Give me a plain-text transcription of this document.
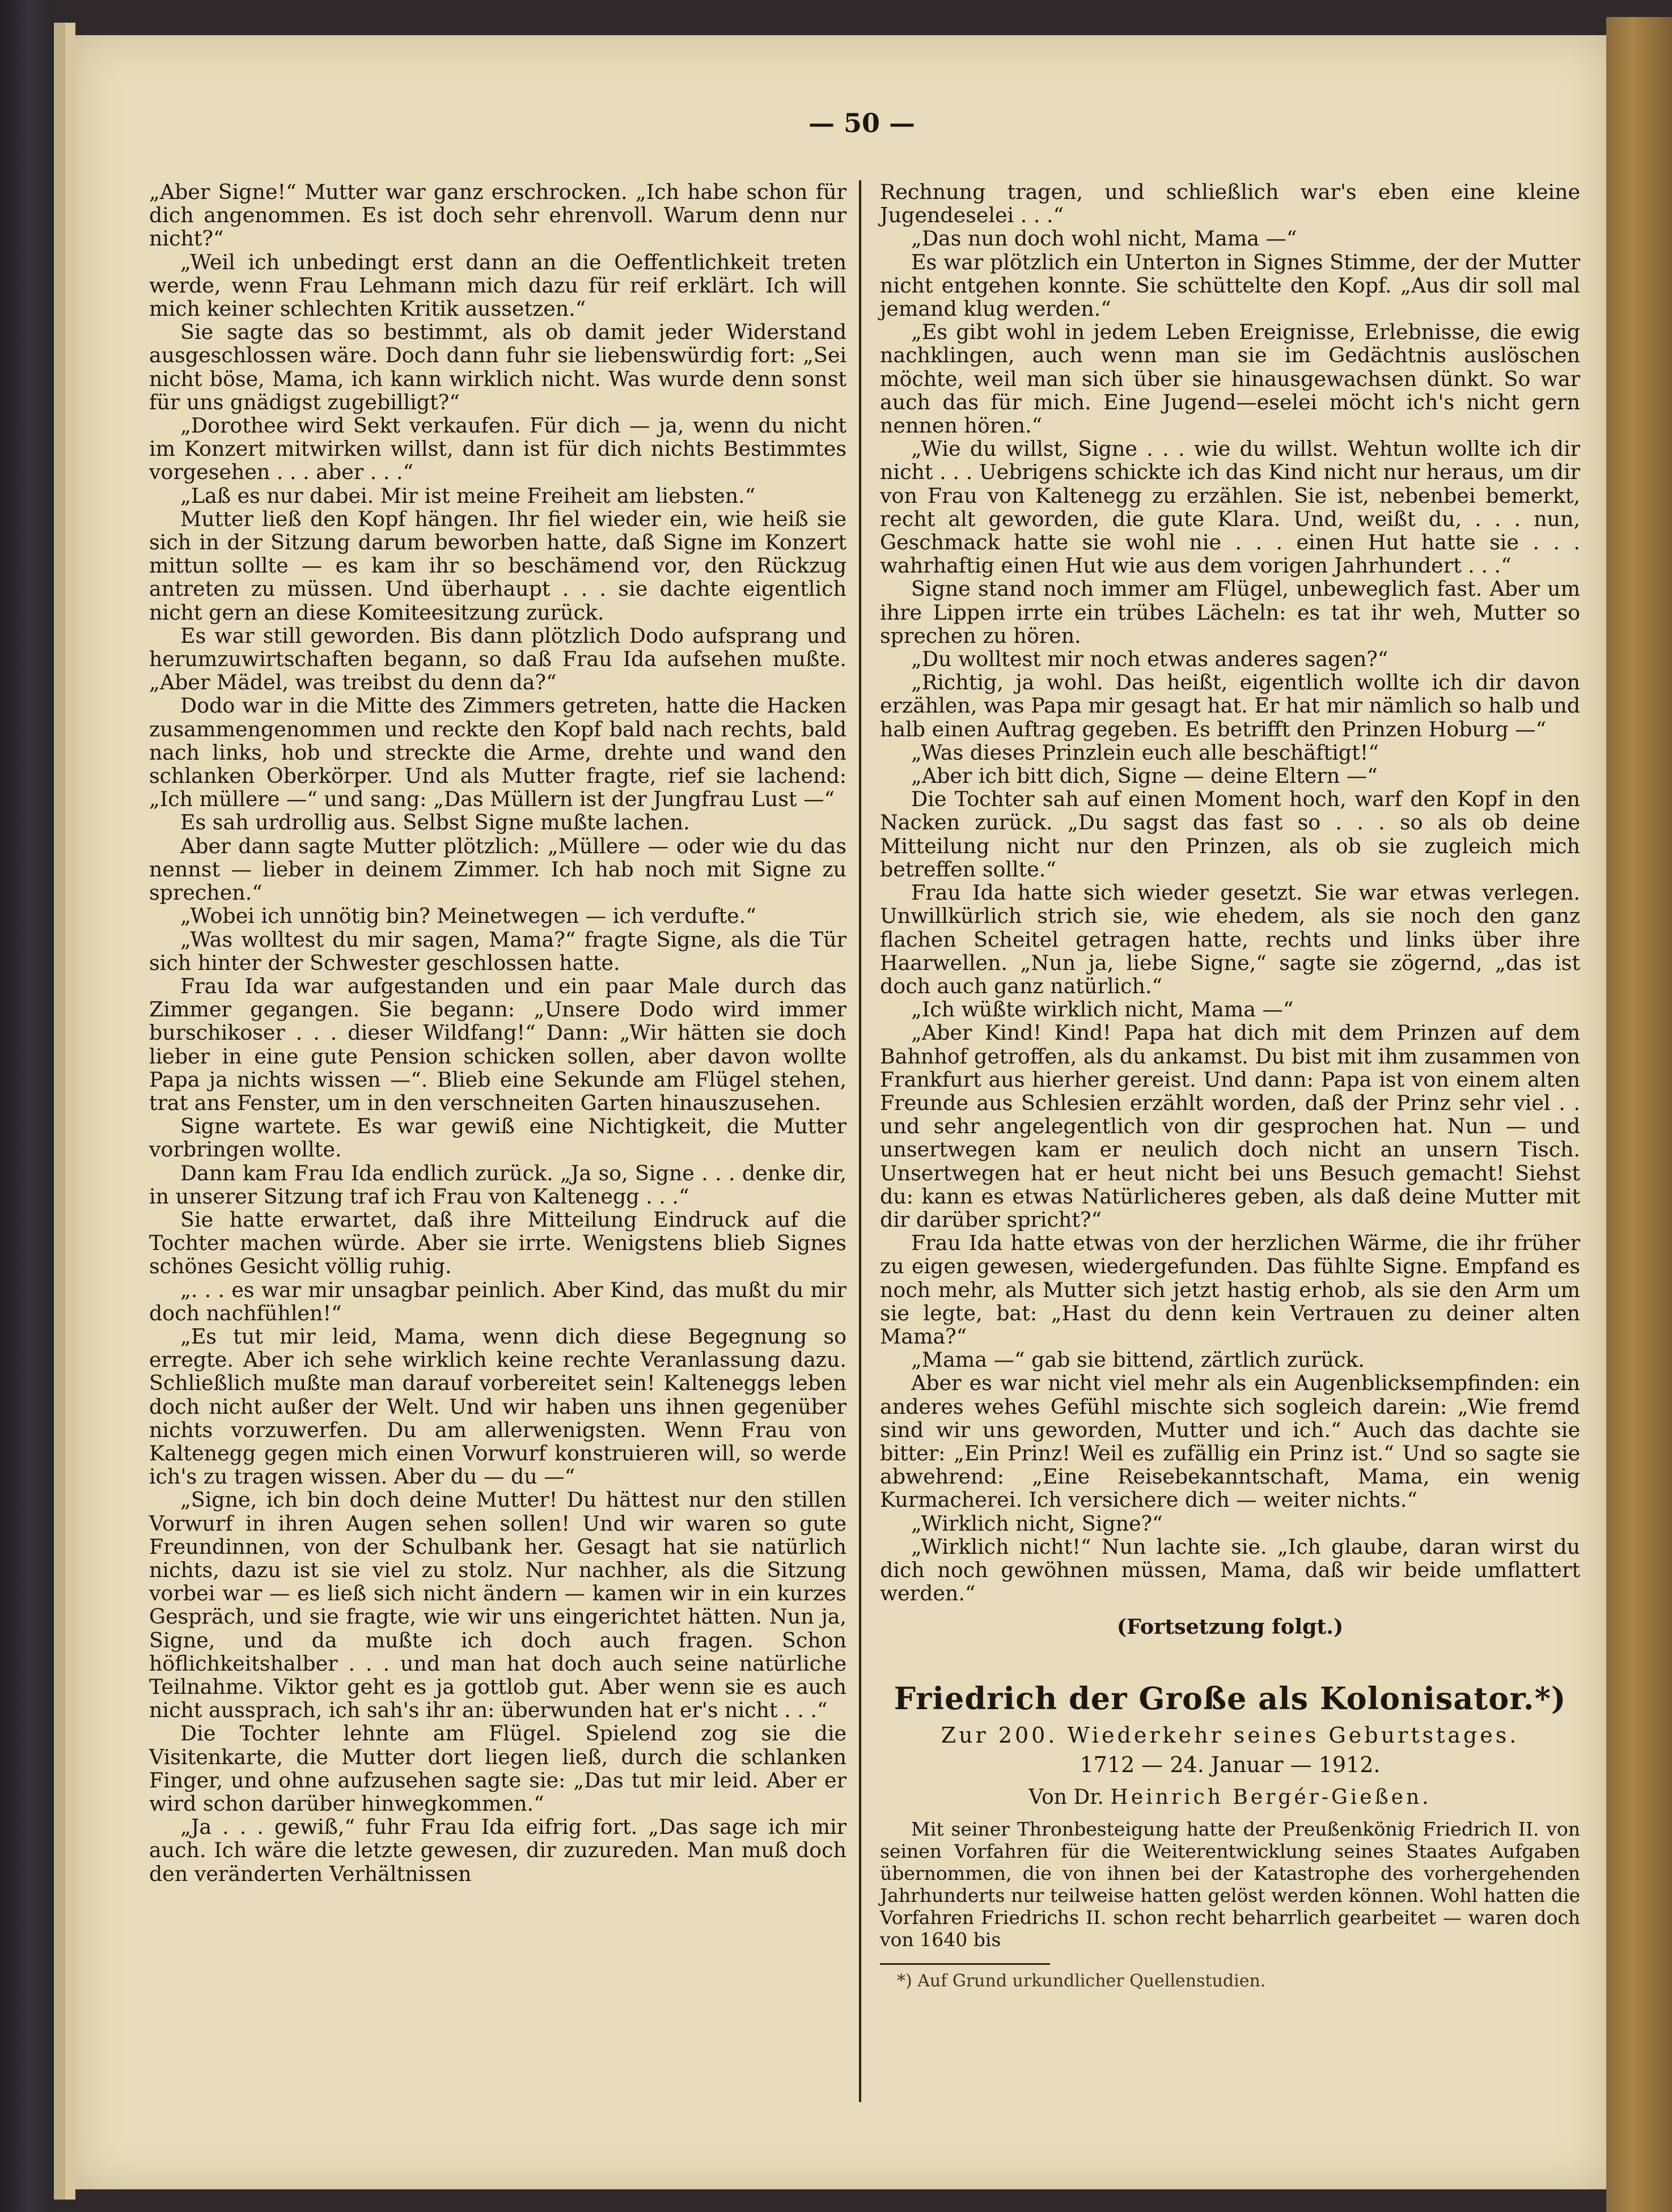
— 50 —

„Aber Signe!“ Mutter war ganz erschrocken. „Ich habe schon für dich angenommen. Es ist doch sehr ehrenvoll. Warum denn nur nicht?“

„Weil ich unbedingt erst dann an die Oeffentlichkeit treten werde, wenn Frau Lehmann mich dazu für reif erklärt. Ich will mich keiner schlechten Kritik aussetzen.“

Sie sagte das so bestimmt, als ob damit jeder Widerstand ausgeschlossen wäre. Doch dann fuhr sie liebenswürdig fort: „Sei nicht böse, Mama, ich kann wirklich nicht. Was wurde denn sonst für uns gnädigst zugebilligt?“

„Dorothee wird Sekt verkaufen. Für dich — ja, wenn du nicht im Konzert mitwirken willst, dann ist für dich nichts Bestimmtes vorgesehen . . . aber . . .“

„Laß es nur dabei. Mir ist meine Freiheit am liebsten.“

Mutter ließ den Kopf hängen. Ihr fiel wieder ein, wie heiß sie sich in der Sitzung darum beworben hatte, daß Signe im Konzert mittun sollte — es kam ihr so beschämend vor, den Rückzug antreten zu müssen. Und überhaupt . . . sie dachte eigentlich nicht gern an diese Komiteesitzung zurück.

Es war still geworden. Bis dann plötzlich Dodo aufsprang und herumzuwirtschaften begann, so daß Frau Ida aufsehen mußte. „Aber Mädel, was treibst du denn da?“

Dodo war in die Mitte des Zimmers getreten, hatte die Hacken zusammengenommen und reckte den Kopf bald nach rechts, bald nach links, hob und streckte die Arme, drehte und wand den schlanken Oberkörper. Und als Mutter fragte, rief sie lachend: „Ich müllere —“ und sang: „Das Müllern ist der Jungfrau Lust —“

Es sah urdrollig aus. Selbst Signe mußte lachen.

Aber dann sagte Mutter plötzlich: „Müllere — oder wie du das nennst — lieber in deinem Zimmer. Ich hab noch mit Signe zu sprechen.“

„Wobei ich unnötig bin? Meinetwegen — ich verdufte.“

„Was wolltest du mir sagen, Mama?“ fragte Signe, als die Tür sich hinter der Schwester geschlossen hatte.

Frau Ida war aufgestanden und ein paar Male durch das Zimmer gegangen. Sie begann: „Unsere Dodo wird immer burschikoser . . . dieser Wildfang!“ Dann: „Wir hätten sie doch lieber in eine gute Pension schicken sollen, aber davon wollte Papa ja nichts wissen —“. Blieb eine Sekunde am Flügel stehen, trat ans Fenster, um in den verschneiten Garten hinauszusehen.

Signe wartete. Es war gewiß eine Nichtigkeit, die Mutter vorbringen wollte.

Dann kam Frau Ida endlich zurück. „Ja so, Signe . . . denke dir, in unserer Sitzung traf ich Frau von Kaltenegg . . .“

Sie hatte erwartet, daß ihre Mitteilung Eindruck auf die Tochter machen würde. Aber sie irrte. Wenigstens blieb Signes schönes Gesicht völlig ruhig.

„. . . es war mir unsagbar peinlich. Aber Kind, das mußt du mir doch nachfühlen!“

„Es tut mir leid, Mama, wenn dich diese Begegnung so erregte. Aber ich sehe wirklich keine rechte Veranlassung dazu. Schließlich mußte man darauf vorbereitet sein! Kalteneggs leben doch nicht außer der Welt. Und wir haben uns ihnen gegenüber nichts vorzuwerfen. Du am allerwenigsten. Wenn Frau von Kaltenegg gegen mich einen Vorwurf konstruieren will, so werde ich's zu tragen wissen. Aber du — du —“

„Signe, ich bin doch deine Mutter! Du hättest nur den stillen Vorwurf in ihren Augen sehen sollen! Und wir waren so gute Freundinnen, von der Schulbank her. Gesagt hat sie natürlich nichts, dazu ist sie viel zu stolz. Nur nachher, als die Sitzung vorbei war — es ließ sich nicht ändern — kamen wir in ein kurzes Gespräch, und sie fragte, wie wir uns eingerichtet hätten. Nun ja, Signe, und da mußte ich doch auch fragen. Schon höflichkeitshalber . . . und man hat doch auch seine natürliche Teilnahme. Viktor geht es ja gottlob gut. Aber wenn sie es auch nicht aussprach, ich sah's ihr an: überwunden hat er's nicht . . .“

Die Tochter lehnte am Flügel. Spielend zog sie die Visitenkarte, die Mutter dort liegen ließ, durch die schlanken Finger, und ohne aufzusehen sagte sie: „Das tut mir leid. Aber er wird schon darüber hinwegkommen.“

„Ja . . . gewiß,“ fuhr Frau Ida eifrig fort. „Das sage ich mir auch. Ich wäre die letzte gewesen, dir zuzureden. Man muß doch den veränderten Verhältnissen

Rechnung tragen, und schließlich war's eben eine kleine Jugendeselei . . .“

„Das nun doch wohl nicht, Mama —“

Es war plötzlich ein Unterton in Signes Stimme, der der Mutter nicht entgehen konnte. Sie schüttelte den Kopf. „Aus dir soll mal jemand klug werden.“

„Es gibt wohl in jedem Leben Ereignisse, Erlebnisse, die ewig nachklingen, auch wenn man sie im Gedächtnis auslöschen möchte, weil man sich über sie hinausgewachsen dünkt. So war auch das für mich. Eine Jugend—eselei möcht ich's nicht gern nennen hören.“

„Wie du willst, Signe . . . wie du willst. Wehtun wollte ich dir nicht . . . Uebrigens schickte ich das Kind nicht nur heraus, um dir von Frau von Kaltenegg zu erzählen. Sie ist, nebenbei bemerkt, recht alt geworden, die gute Klara. Und, weißt du, . . . nun, Geschmack hatte sie wohl nie . . . einen Hut hatte sie . . . wahrhaftig einen Hut wie aus dem vorigen Jahrhundert . . .“

Signe stand noch immer am Flügel, unbeweglich fast. Aber um ihre Lippen irrte ein trübes Lächeln: es tat ihr weh, Mutter so sprechen zu hören.

„Du wolltest mir noch etwas anderes sagen?“

„Richtig, ja wohl. Das heißt, eigentlich wollte ich dir davon erzählen, was Papa mir gesagt hat. Er hat mir nämlich so halb und halb einen Auftrag gegeben. Es betrifft den Prinzen Hoburg —“

„Was dieses Prinzlein euch alle beschäftigt!“

„Aber ich bitt dich, Signe — deine Eltern —“

Die Tochter sah auf einen Moment hoch, warf den Kopf in den Nacken zurück. „Du sagst das fast so . . . so als ob deine Mitteilung nicht nur den Prinzen, als ob sie zugleich mich betreffen sollte.“

Frau Ida hatte sich wieder gesetzt. Sie war etwas verlegen. Unwillkürlich strich sie, wie ehedem, als sie noch den ganz flachen Scheitel getragen hatte, rechts und links über ihre Haarwellen. „Nun ja, liebe Signe,“ sagte sie zögernd, „das ist doch auch ganz natürlich.“

„Ich wüßte wirklich nicht, Mama —“

„Aber Kind! Kind! Papa hat dich mit dem Prinzen auf dem Bahnhof getroffen, als du ankamst. Du bist mit ihm zusammen von Frankfurt aus hierher gereist. Und dann: Papa ist von einem alten Freunde aus Schlesien erzählt worden, daß der Prinz sehr viel . . und sehr angelegentlich von dir gesprochen hat. Nun — und unsertwegen kam er neulich doch nicht an unsern Tisch. Unsertwegen hat er heut nicht bei uns Besuch gemacht! Siehst du: kann es etwas Natürlicheres geben, als daß deine Mutter mit dir darüber spricht?“

Frau Ida hatte etwas von der herzlichen Wärme, die ihr früher zu eigen gewesen, wiedergefunden. Das fühlte Signe. Empfand es noch mehr, als Mutter sich jetzt hastig erhob, als sie den Arm um sie legte, bat: „Hast du denn kein Vertrauen zu deiner alten Mama?“

„Mama —“ gab sie bittend, zärtlich zurück.

Aber es war nicht viel mehr als ein Augenblicksempfinden: ein anderes wehes Gefühl mischte sich sogleich darein: „Wie fremd sind wir uns geworden, Mutter und ich.“ Auch das dachte sie bitter: „Ein Prinz! Weil es zufällig ein Prinz ist.“ Und so sagte sie abwehrend: „Eine Reisebekanntschaft, Mama, ein wenig Kurmacherei. Ich versichere dich — weiter nichts.“

„Wirklich nicht, Signe?“

„Wirklich nicht!“ Nun lachte sie. „Ich glaube, daran wirst du dich noch gewöhnen müssen, Mama, daß wir beide umflattert werden.“

(Fortsetzung folgt.)

Friedrich der Große als Kolonisator.*)
Zur 200. Wiederkehr seines Geburtstages.
1712 — 24. Januar — 1912.
Von Dr. Heinrich Bergér-Gießen.

Mit seiner Thronbesteigung hatte der Preußenkönig Friedrich II. von seinen Vorfahren für die Weiterentwicklung seines Staates Aufgaben übernommen, die von ihnen bei der Katastrophe des vorhergehenden Jahrhunderts nur teilweise hatten gelöst werden können. Wohl hatten die Vorfahren Friedrichs II. schon recht beharrlich gearbeitet — waren doch von 1640 bis

*) Auf Grund urkundlicher Quellenstudien.
